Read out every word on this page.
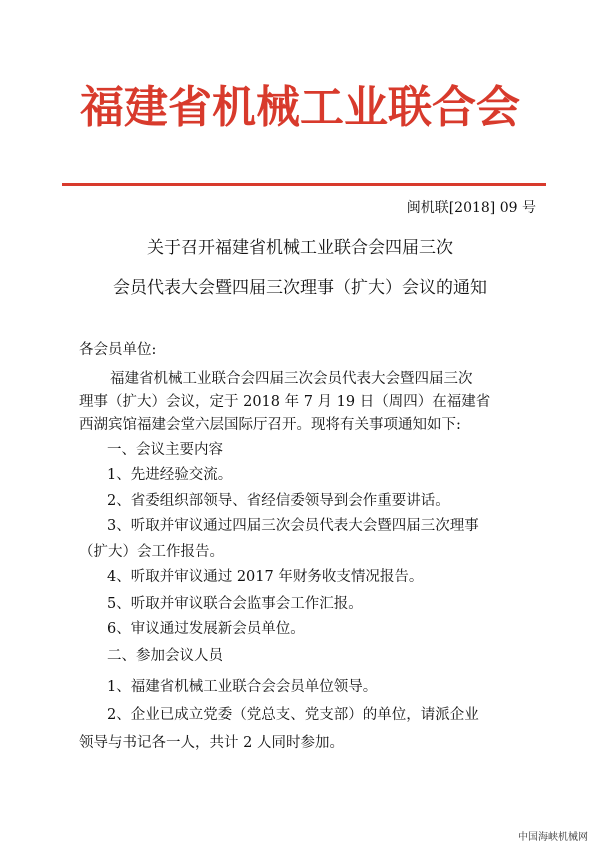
福建省机械工业联合会
闽机联[2018] 09 号
关于召开福建省机械工业联合会四届三次
会员代表大会暨四届三次理事（扩大）会议的通知

各会员单位:

福建省机械工业联合会四届三次会员代表大会暨四届三次

理事（扩大）会议，定于 2018 年 7 月 19 日（周四）在福建省

西湖宾馆福建会堂六层国际厅召开。现将有关事项通知如下:

一、会议主要内容

1、先进经验交流。

2、省委组织部领导、省经信委领导到会作重要讲话。

3、听取并审议通过四届三次会员代表大会暨四届三次理事

（扩大）会工作报告。

4、听取并审议通过 2017 年财务收支情况报告。

5、听取并审议联合会监事会工作汇报。

6、审议通过发展新会员单位。

二、参加会议人员

1、福建省机械工业联合会会员单位领导。

2、企业已成立党委（党总支、党支部）的单位，请派企业

领导与书记各一人，共计 2 人同时参加。

中国海峡机械网
